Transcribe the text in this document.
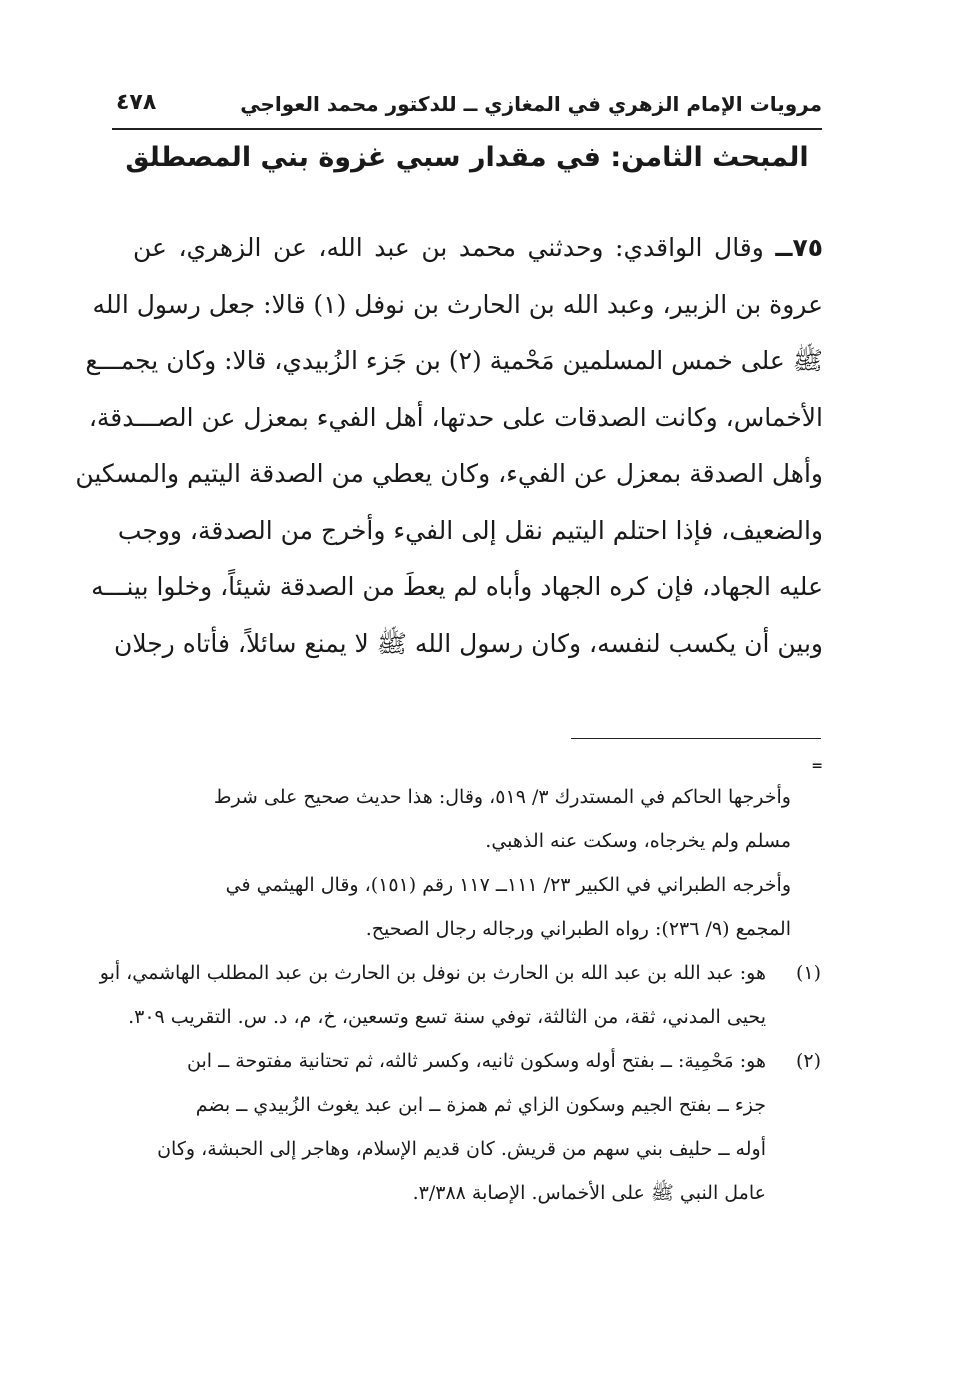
مرويات الإمام الزهري في المغازي ــ للدكتور محمد العواجي
٤٧٨
المبحث الثامن: في مقدار سبي غزوة بني المصطلق
٧٥ــ وقال الواقدي: وحدثني محمد بن عبد الله، عن الزهري، عن
عروة بن الزبير، وعبد الله بن الحارث بن نوفل (١) قالا: جعل رسول الله
ﷺ على خمس المسلمين مَحْمية (٢) بن جَزء الزُبيدي، قالا: وكان يجمـــع
الأخماس، وكانت الصدقات على حدتها، أهل الفيء بمعزل عن الصـــدقة،
وأهل الصدقة بمعزل عن الفيء، وكان يعطي من الصدقة اليتيم والمسكين
والضعيف، فإذا احتلم اليتيم نقل إلى الفيء وأخرج من الصدقة، ووجب
عليه الجهاد، فإن كره الجهاد وأباه لم يعطَ من الصدقة شيئاً، وخلوا بينـــه
وبين أن يكسب لنفسه، وكان رسول الله ﷺ لا يمنع سائلاً، فأتاه رجلان
=
وأخرجها الحاكم في المستدرك ٣/ ٥١٩، وقال: هذا حديث صحيح على شرط
مسلم ولم يخرجاه، وسكت عنه الذهبي.
وأخرجه الطبراني في الكبير ٢٣/ ١١١ــ ١١٧ رقم (١٥١)، وقال الهيثمي في
المجمع (٩/ ٢٣٦): رواه الطبراني ورجاله رجال الصحيح.
(١)هو: عبد الله بن عبد الله بن الحارث بن نوفل بن الحارث بن عبد المطلب الهاشمي، أبو
يحيى المدني، ثقة، من الثالثة، توفي سنة تسع وتسعين، خ، م، د. س. التقريب ٣٠٩.
(٢)هو: مَحْمِية: ــ بفتح أوله وسكون ثانيه، وكسر ثالثه، ثم تحتانية مفتوحة ــ ابن
جزء ــ بفتح الجيم وسكون الزاي ثم همزة ــ ابن عبد يغوث الزُبيدي ــ بضم
أوله ــ حليف بني سهم من قريش. كان قديم الإسلام، وهاجر إلى الحبشة، وكان
عامل النبي ﷺ على الأخماس. الإصابة ٣/٣٨٨.
